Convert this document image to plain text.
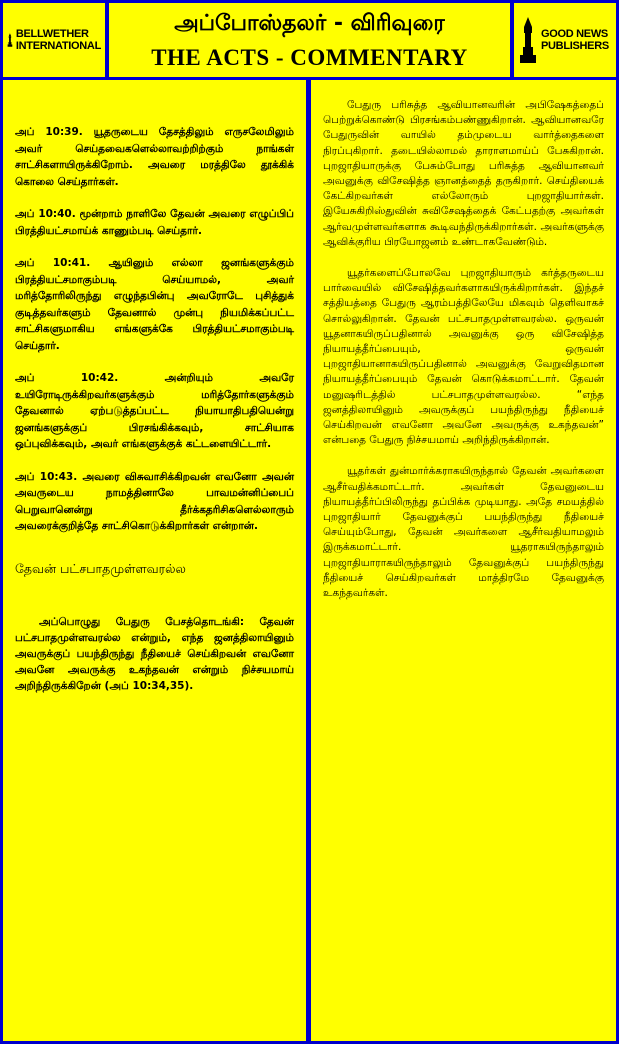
BELLWETHER
INTERNATIONAL
அப்போஸ்தலர் - விரிவுரை
THE ACTS - COMMENTARY
GOOD NEWS
PUBLISHERS

அப் 10:39. யூதருடைய தேசத்திலும் எருசலேமிலும் அவர் செய்தவைகளெல்லாவற்றிற்கும் நாங்கள் சாட்சிகளாயிருக்கிறோம். அவரை மரத்திலே தூக்கிக் கொலை செய்தார்கள்.

அப் 10:40. மூன்றாம் நாளிலே தேவன் அவரை எழுப்பிப் பிரத்தியட்சமாய்க் காணும்படி செய்தார்.

அப் 10:41. ஆயினும் எல்லா ஜனங்களுக்கும் பிரத்தியட்சமாகும்படி செய்யாமல், அவர் மரித்தோரிலிருந்து எழுந்தபின்பு அவரோடே புசித்துக் குடித்தவர்களும் தேவனால் முன்பு நியமிக்கப்பட்ட சாட்சிகளுமாகிய எங்களுக்கே பிரத்தியட்சமாகும்படி செய்தார்.

அப் 10:42. அன்றியும் அவரே உயிரோடிருக்கிறவர்களுக்கும் மரித்தோர்களுக்கும் தேவனால் ஏற்படுத்தப்பட்ட நியாயாதிபதியென்று ஜனங்களுக்குப் பிரசங்கிக்கவும், சாட்சியாக ஒப்புவிக்கவும், அவர் எங்களுக்குக் கட்டளையிட்டார்.

அப் 10:43. அவரை விசுவாசிக்கிறவன் எவனோ அவன் அவருடைய நாமத்தினாலே பாவமன்னிப்பைப் பெறுவானென்று தீர்க்கதரிசிகளெல்லாரும் அவரைக்குறித்தே சாட்சிகொடுக்கிறார்கள் என்றான்.

தேவன் பட்சபாதமுள்ளவரல்ல

அப்பொழுது பேதுரு பேசத்தொடங்கி: தேவன் பட்சபாதமுள்ளவரல்ல என்றும், எந்த ஜனத்திலாயினும் அவருக்குப் பயந்திருந்து நீதியைச் செய்கிறவன் எவனோ அவனே அவருக்கு உகந்தவன் என்றும் நிச்சயமாய் அறிந்திருக்கிறேன் (அப் 10:34,35).

பேதுரு பரிசுத்த ஆவியானவரின் அபிஷேகத்தைப் பெற்றுக்கொண்டு பிரசங்கம்பண்ணுகிறான். ஆவியானவரே பேதுருவின் வாயில் தம்முடைய வார்த்தைகளை நிரப்புகிறார். தடையில்லாமல் தாராளமாய்ப் பேசுகிறான். புறஜாதியாருக்கு பேசும்போது பரிசுத்த ஆவியானவர் அவனுக்கு விசேஷித்த ஞானத்தைத் தருகிறார். செய்தியைக் கேட்கிறவர்கள் எல்லோரும் புறஜாதியார்கள். இயேசுகிறிஸ்துவின் சுவிசேஷத்தைக் கேட்பதற்கு அவர்கள் ஆர்வமுள்ளவர்களாக கூடிவந்திருக்கிறார்கள். அவர்களுக்கு ஆவிக்குரிய பிரயோஜனம் உண்டாகவேண்டும்.

யூதர்களைப்போலவே புறஜாதியாரும் கர்த்தருடைய பார்வையில் விசேஷித்தவர்களாகயிருக்கிறார்கள். இந்தச் சத்தியத்தை பேதுரு ஆரம்பத்திலேயே மிகவும் தெளிவாகச் சொல்லுகிறான். தேவன் பட்சபாதமுள்ளவரல்ல. ஒருவன் யூதனாகயிருப்பதினால் அவனுக்கு ஒரு விசேஷித்த நியாயத்தீர்ப்பையும், ஒருவன் புறஜாதியானாகயிருப்பதினால் அவனுக்கு வேறுவிதமான நியாயத்தீர்ப்பையும் தேவன் கொடுக்கமாட்டார். தேவன் மனுஷரிடத்தில் பட்சபாதமுள்ளவரல்ல. “எந்த ஜனத்திலாயினும் அவருக்குப் பயந்திருந்து நீதியைச் செய்கிறவன் எவனோ அவனே அவருக்கு உகந்தவன்” என்பதை பேதுரு நிச்சயமாய் அறிந்திருக்கிறான்.

யூதர்கள் துன்மார்க்கராகயிருந்தால் தேவன் அவர்களை ஆசீர்வதிக்கமாட்டார். அவர்கள் தேவனுடைய நியாயத்தீர்ப்பிலிருந்து தப்பிக்க முடியாது. அதே சமயத்தில் புறஜாதியார் தேவனுக்குப் பயந்திருந்து நீதியைச் செய்யும்போது, தேவன் அவர்களை ஆசீர்வதியாமலும் இருக்கமாட்டார். யூதராகயிருந்தாலும் புறஜாதியாராகயிருந்தாலும் தேவனுக்குப் பயந்திருந்து நீதியைச் செய்கிறவர்கள் மாத்திரமே தேவனுக்கு உகந்தவர்கள்.
